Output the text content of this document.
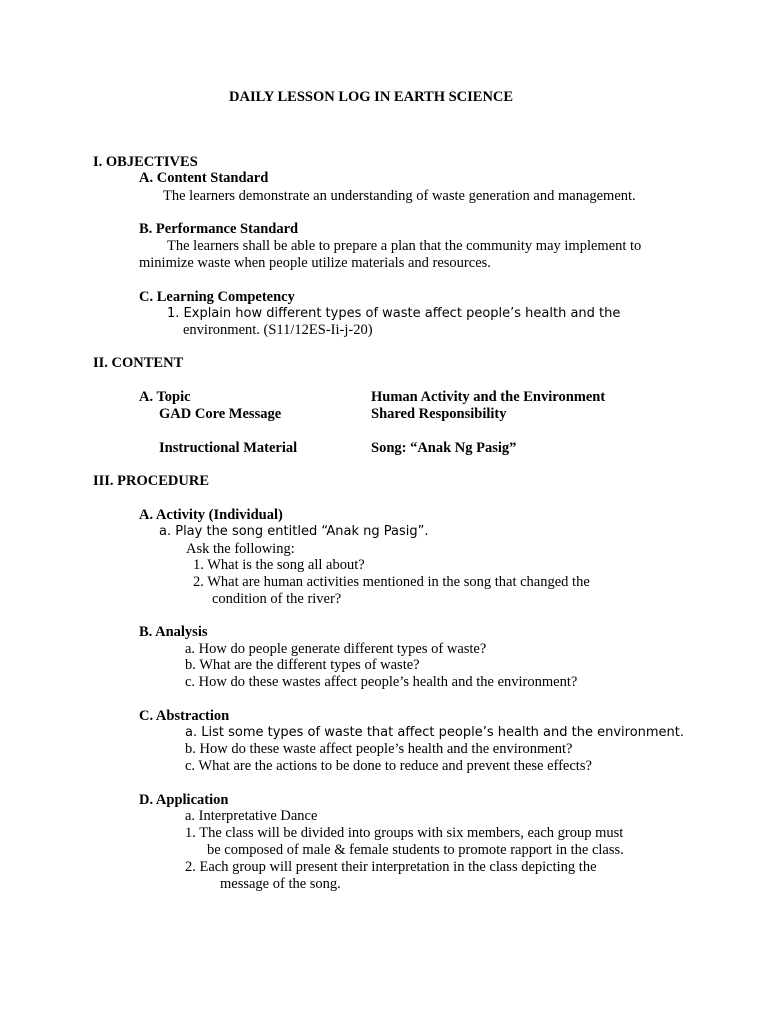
DAILY LESSON LOG IN EARTH SCIENCE
I. OBJECTIVES
A. Content Standard
The learners demonstrate an understanding of waste generation and management.
B. Performance Standard
The learners shall be able to prepare a plan that the community may implement to
minimize waste when people utilize materials and resources.
C. Learning Competency
1. Explain how different types of waste affect people’s health and the
environment. (S11/12ES-Ii-j-20)
II. CONTENT
A. Topic	Human Activity and the Environment
GAD Core Message	Shared Responsibility
Instructional Material	Song: “Anak Ng Pasig”
III. PROCEDURE
A. Activity (Individual)
a. Play the song entitled “Anak ng Pasig”.
Ask the following:
1. What is the song all about?
2. What are human activities mentioned in the song that changed the
condition of the river?
B. Analysis
a. How do people generate different types of waste?
b. What are the different types of waste?
c. How do these wastes affect people’s health and the environment?
C. Abstraction
a. List some types of waste that affect people’s health and the environment.
b. How do these waste affect people’s health and the environment?
c. What are the actions to be done to reduce and prevent these effects?
D. Application
a. Interpretative Dance
1. The class will be divided into groups with six members, each group must
be composed of male & female students to promote rapport in the class.
2. Each group will present their interpretation in the class depicting the
message of the song.
